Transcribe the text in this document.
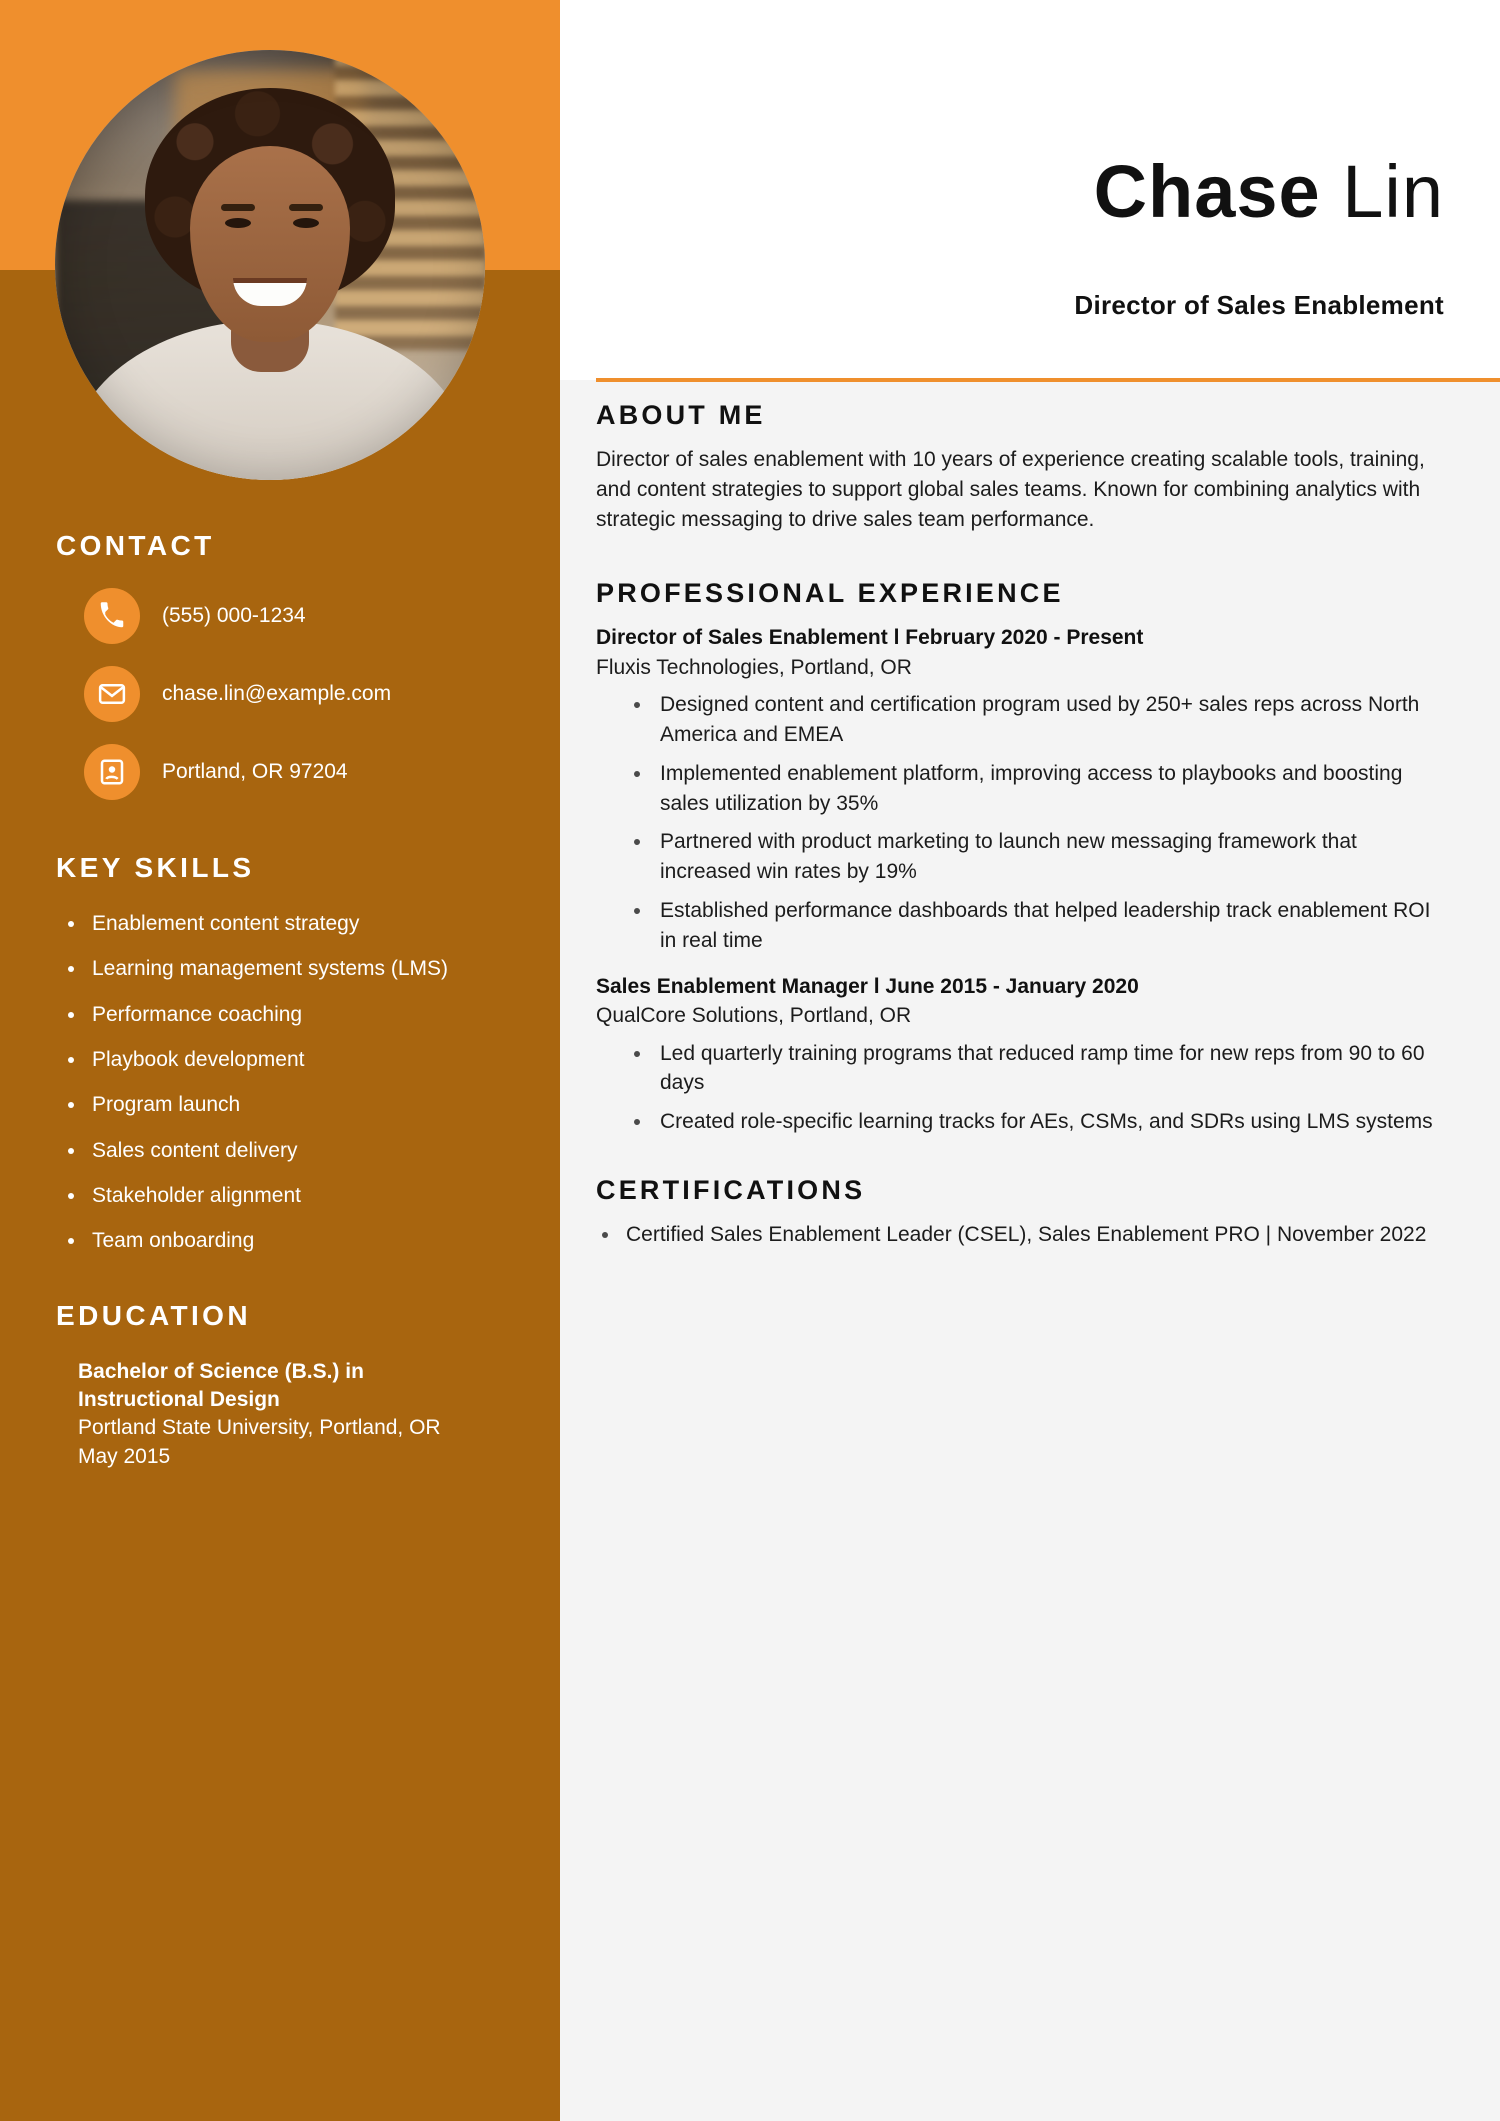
CONTACT
(555) 000-1234
chase.lin@example.com
Portland, OR 97204
KEY SKILLS
Enablement content strategy
Learning management systems (LMS)
Performance coaching
Playbook development
Program launch
Sales content delivery
Stakeholder alignment
Team onboarding
EDUCATION
Bachelor of Science (B.S.) in Instructional Design
Portland State University, Portland, OR
May 2015
Chase Lin
Director of Sales Enablement
ABOUT ME

Director of sales enablement with 10 years of experience creating scalable tools, training, and content strategies to support global sales teams. Known for combining analytics with strategic messaging to drive sales team performance.

PROFESSIONAL EXPERIENCE
Director of Sales Enablement l February 2020 - Present
Fluxis Technologies, Portland, OR
Designed content and certification program used by 250+ sales reps across North America and EMEA
Implemented enablement platform, improving access to playbooks and boosting sales utilization by 35%
Partnered with product marketing to launch new messaging framework that increased win rates by 19%
Established performance dashboards that helped leadership track enablement ROI in real time
Sales Enablement Manager l June 2015 - January 2020
QualCore Solutions, Portland, OR
Led quarterly training programs that reduced ramp time for new reps from 90 to 60 days
Created role-specific learning tracks for AEs, CSMs, and SDRs using LMS systems
CERTIFICATIONS
Certified Sales Enablement Leader (CSEL), Sales Enablement PRO | November 2022
